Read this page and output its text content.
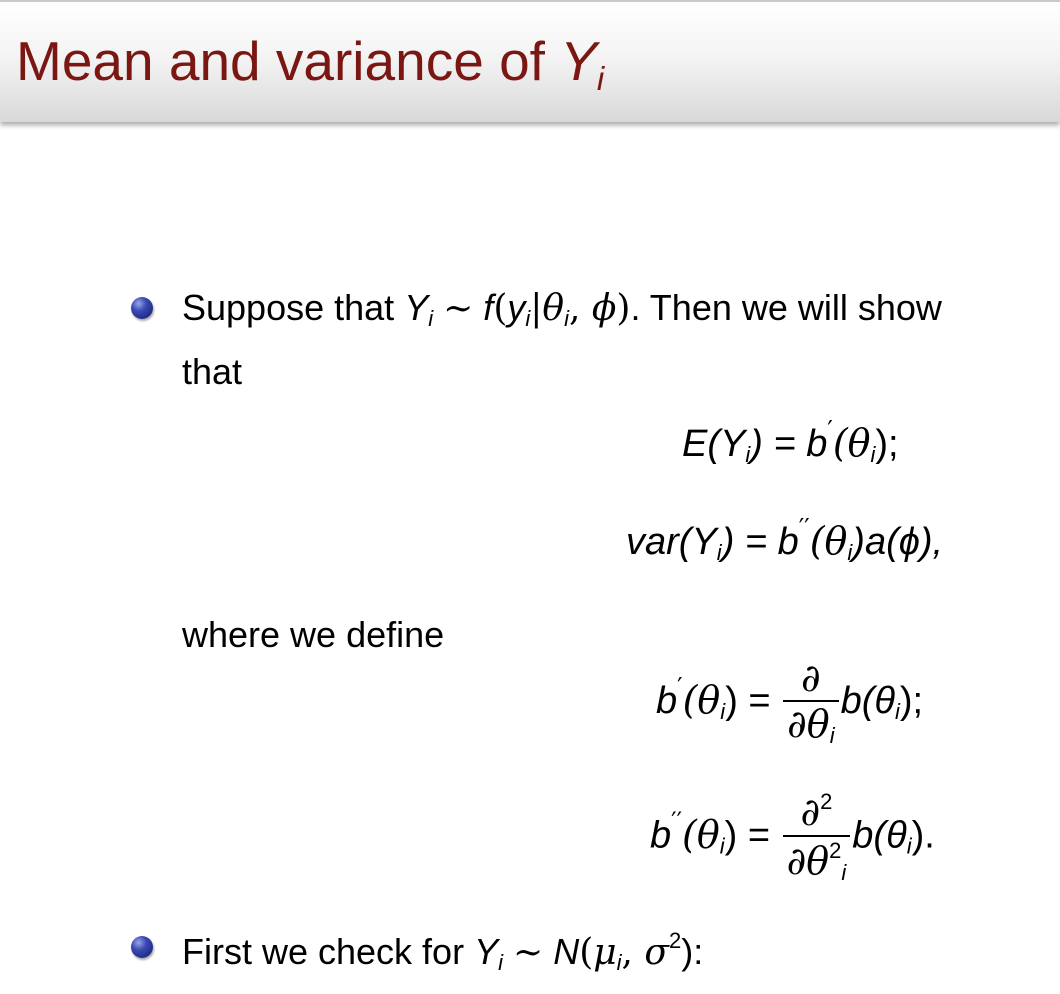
Mean and variance of $Y_i$
Suppose that Yi ∼ f(yi|θi, ϕ). Then we will show
that
E(Yi) = b′(θi);
var(Yi) = b′′(θi)a(ϕ),
where we define
$b'(\theta i) = \frac{\partial}{\partial\theta i} b(\theta i)$;
$b''(\theta i) = \frac{\partial^2}{\partial\theta^2i} b(\theta i)$.
First we check for Yi ∼ N(μi, $\sigma^2$):
